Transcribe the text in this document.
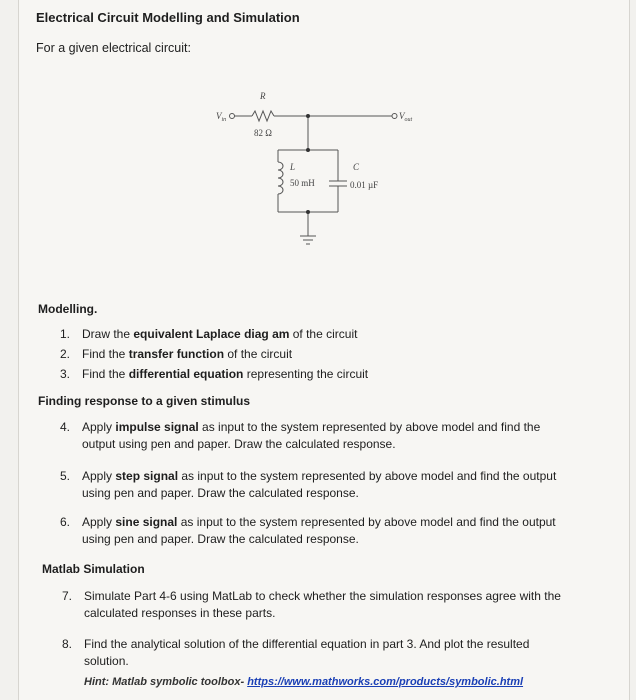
Electrical Circuit Modelling and Simulation
For a given electrical circuit:
$V_{in}$	$V_{out}$
R
82 Ω
L
50 mH
C
0.01 µF
Modelling.
1. Draw the equivalent Laplace diag am of the circuit
2. Find the transfer function of the circuit
3. Find the differential equation representing the circuit
Finding response to a given stimulus
4. Apply impulse signal as input to the system represented by above model and find the
output using pen and paper. Draw the calculated response.
5. Apply step signal as input to the system represented by above model and find the output
using pen and paper. Draw the calculated response.
6. Apply sine signal as input to the system represented by above model and find the output
using pen and paper. Draw the calculated response.
Matlab Simulation
7. Simulate Part 4-6 using MatLab to check whether the simulation responses agree with the
calculated responses in these parts.
8. Find the analytical solution of the differential equation in part 3. And plot the resulted
solution.
Hint: Matlab symbolic toolbox- https://www.mathworks.com/products/symbolic.html
